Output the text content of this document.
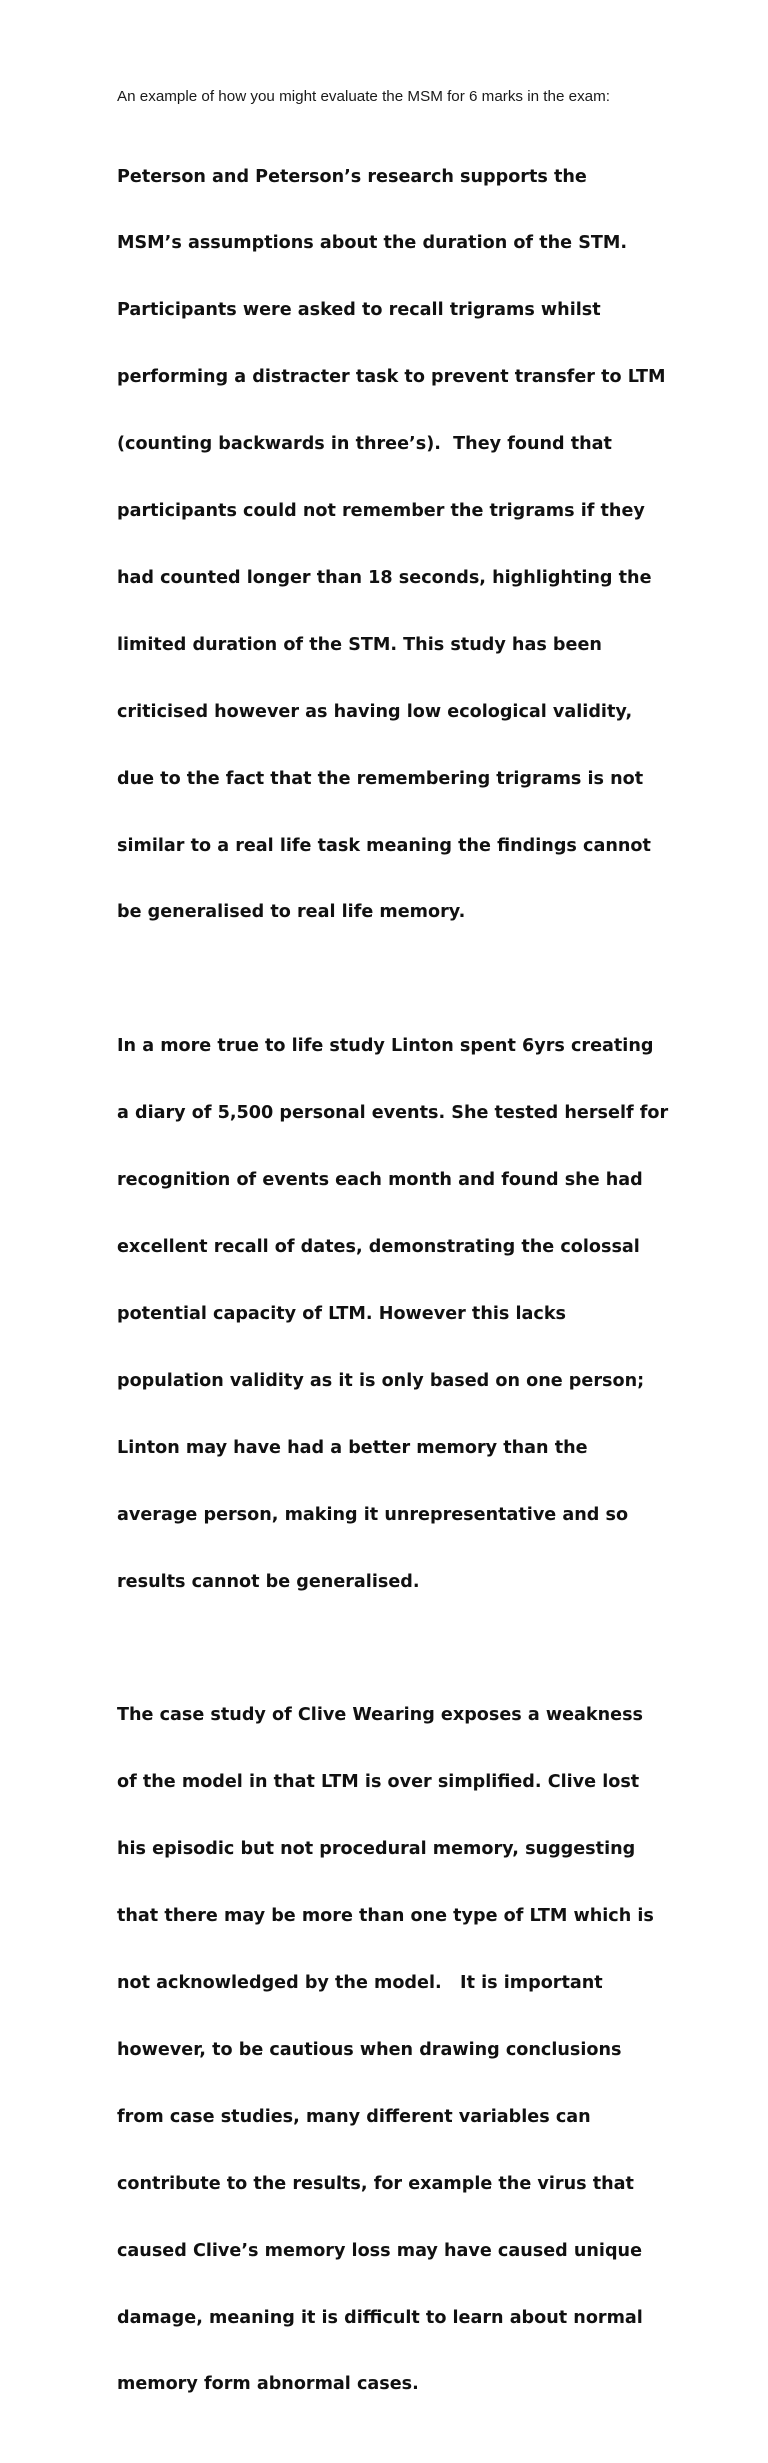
An example of how you might evaluate the MSM for 6 marks in the exam:

Peterson and Peterson’s research supports the

MSM’s assumptions about the duration of the STM.

Participants were asked to recall trigrams whilst

performing a distracter task to prevent transfer to LTM

(counting backwards in three’s).  They found that

participants could not remember the trigrams if they

had counted longer than 18 seconds, highlighting the

limited duration of the STM. This study has been

criticised however as having low ecological validity,

due to the fact that the remembering trigrams is not

similar to a real life task meaning the findings cannot

be generalised to real life memory.

In a more true to life study Linton spent 6yrs creating

a diary of 5,500 personal events. She tested herself for

recognition of events each month and found she had

excellent recall of dates, demonstrating the colossal

potential capacity of LTM. However this lacks

population validity as it is only based on one person;

Linton may have had a better memory than the

average person, making it unrepresentative and so

results cannot be generalised.

The case study of Clive Wearing exposes a weakness

of the model in that LTM is over simplified. Clive lost

his episodic but not procedural memory, suggesting

that there may be more than one type of LTM which is

not acknowledged by the model.   It is important

however, to be cautious when drawing conclusions

from case studies, many different variables can

contribute to the results, for example the virus that

caused Clive’s memory loss may have caused unique

damage, meaning it is difficult to learn about normal

memory form abnormal cases.
